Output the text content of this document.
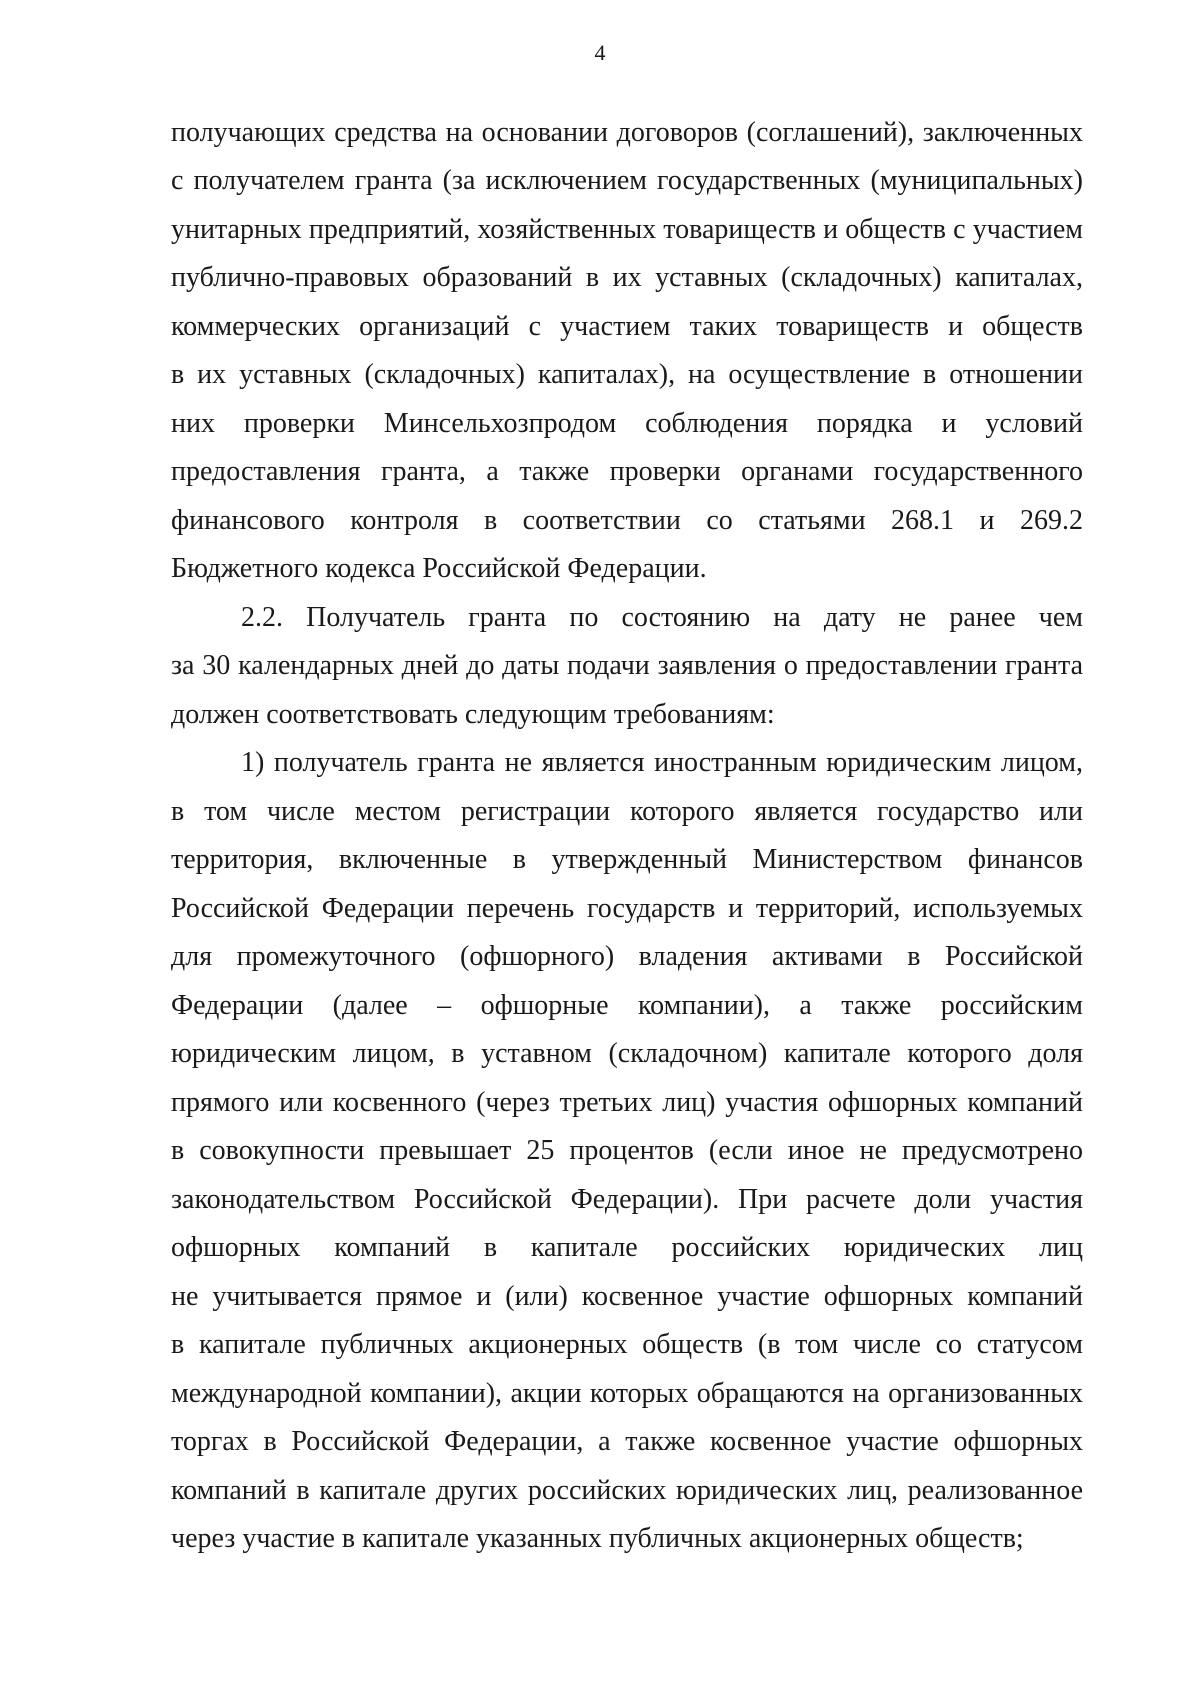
4
получающих средства на основании договоров (соглашений), заключенных
с получателем гранта (за исключением государственных (муниципальных)
унитарных предприятий, хозяйственных товариществ и обществ с участием
публично-правовых образований в их уставных (складочных) капиталах,
коммерческих организаций с участием таких товариществ и обществ
в их уставных (складочных) капиталах), на осуществление в отношении
них проверки Минсельхозпродом соблюдения порядка и условий
предоставления гранта, а также проверки органами государственного
финансового контроля в соответствии со статьями 268.1 и 269.2
Бюджетного кодекса Российской Федерации.
2.2. Получатель гранта по состоянию на дату не ранее чем
за 30 календарных дней до даты подачи заявления о предоставлении гранта
должен соответствовать следующим требованиям:
1) получатель гранта не является иностранным юридическим лицом,
в том числе местом регистрации которого является государство или
территория, включенные в утвержденный Министерством финансов
Российской Федерации перечень государств и территорий, используемых
для промежуточного (офшорного) владения активами в Российской
Федерации (далее – офшорные компании), а также российским
юридическим лицом, в уставном (складочном) капитале которого доля
прямого или косвенного (через третьих лиц) участия офшорных компаний
в совокупности превышает 25 процентов (если иное не предусмотрено
законодательством Российской Федерации). При расчете доли участия
офшорных компаний в капитале российских юридических лиц
не учитывается прямое и (или) косвенное участие офшорных компаний
в капитале публичных акционерных обществ (в том числе со статусом
международной компании), акции которых обращаются на организованных
торгах в Российской Федерации, а также косвенное участие офшорных
компаний в капитале других российских юридических лиц, реализованное
через участие в капитале указанных публичных акционерных обществ;
